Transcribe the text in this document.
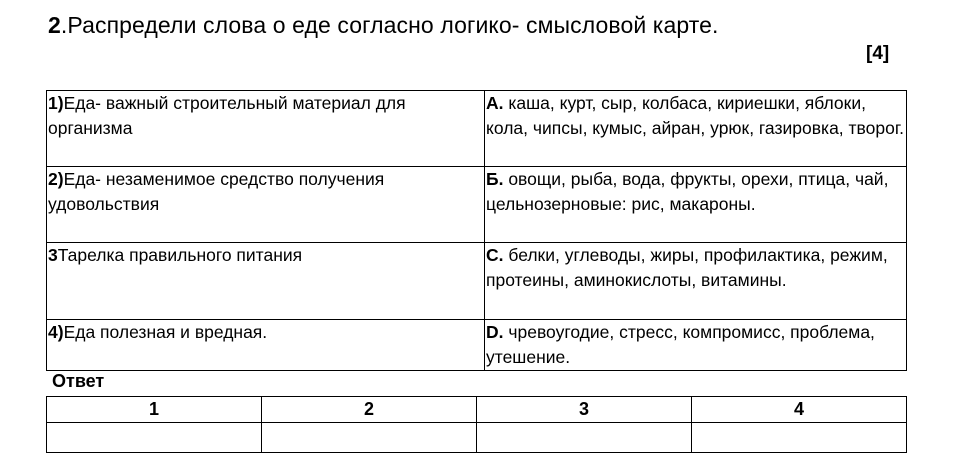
2.Распредели слова о еде согласно логико- смысловой карте.
[4]
1)Еда- важный строительный материал для организма	А. каша, курт, сыр, колбаса, кириешки, яблоки, кола, чипсы, кумыс, айран, урюк, газировка, творог.
2)Еда- незаменимое средство получения удовольствия	Б. овощи, рыба, вода, фрукты, орехи, птица, чай, цельнозерновые: рис, макароны.
3Тарелка правильного питания	С. белки, углеводы, жиры, профилактика, режим, протеины, аминокислоты, витамины.
4)Еда полезная и вредная.	D. чревоугодие, стресс, компромисс, проблема, утешение.
Ответ
1	2	3	4
